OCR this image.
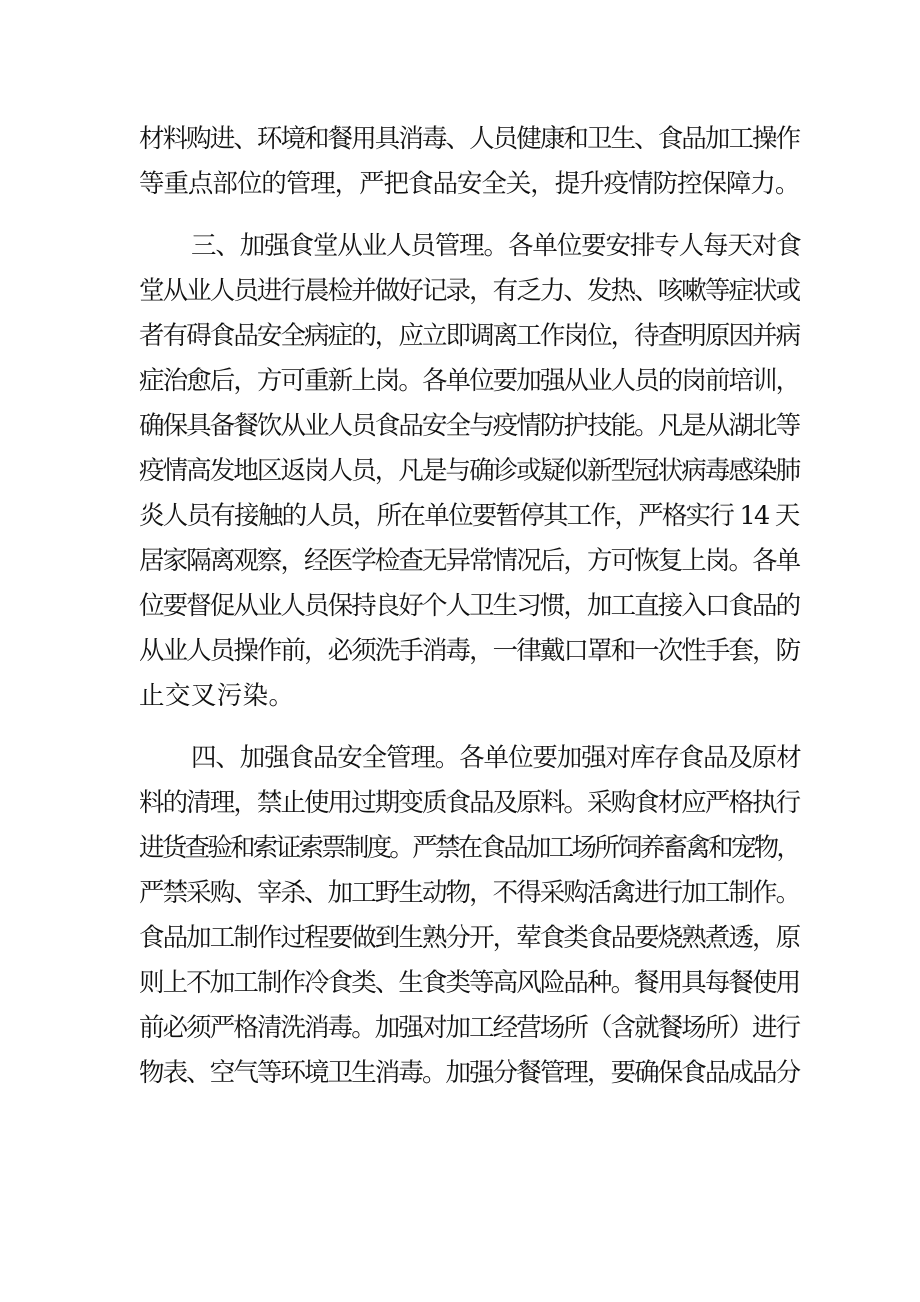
材料购进、环境和餐用具消毒、人员健康和卫生、食品加工操作
等重点部位的管理，严把食品安全关，提升疫情防控保障力。
三、加强食堂从业人员管理。各单位要安排专人每天对食
堂从业人员进行晨检并做好记录，有乏力、发热、咳嗽等症状或
者有碍食品安全病症的，应立即调离工作岗位，待查明原因并病
症治愈后，方可重新上岗。各单位要加强从业人员的岗前培训，
确保具备餐饮从业人员食品安全与疫情防护技能。凡是从湖北等
疫情高发地区返岗人员，凡是与确诊或疑似新型冠状病毒感染肺
炎人员有接触的人员，所在单位要暂停其工作，严格实行 14 天
居家隔离观察，经医学检查无异常情况后，方可恢复上岗。各单
位要督促从业人员保持良好个人卫生习惯，加工直接入口食品的
从业人员操作前，必须洗手消毒，一律戴口罩和一次性手套，防
止交叉污染。
四、加强食品安全管理。各单位要加强对库存食品及原材
料的清理，禁止使用过期变质食品及原料。采购食材应严格执行
进货查验和索证索票制度。严禁在食品加工场所饲养畜禽和宠物，
严禁采购、宰杀、加工野生动物，不得采购活禽进行加工制作。
食品加工制作过程要做到生熟分开，荤食类食品要烧熟煮透，原
则上不加工制作冷食类、生食类等高风险品种。餐用具每餐使用
前必须严格清洗消毒。加强对加工经营场所（含就餐场所）进行
物表、空气等环境卫生消毒。加强分餐管理，要确保食品成品分
